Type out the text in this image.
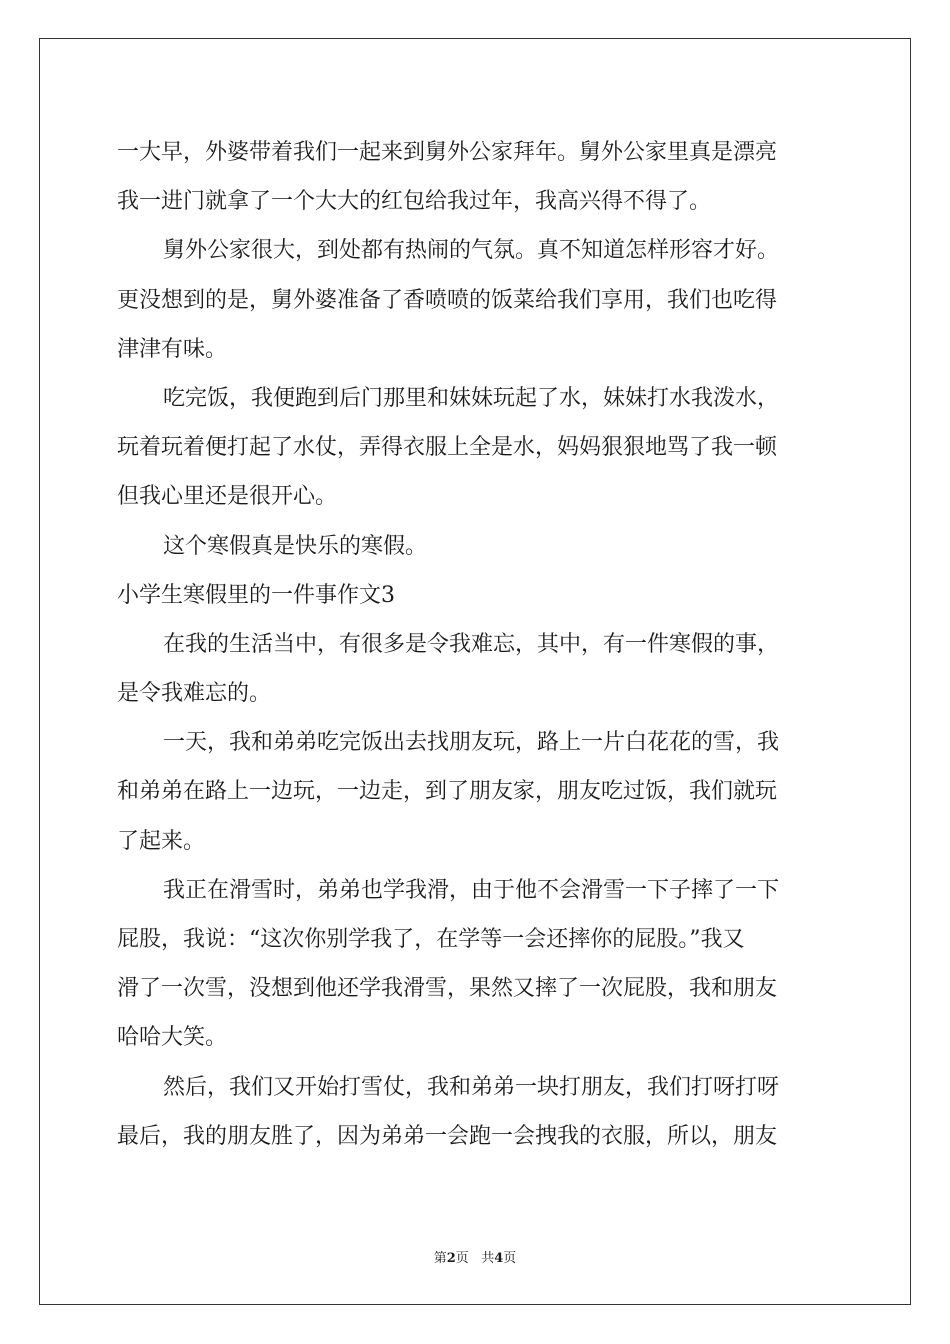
一大早，外婆带着我们一起来到舅外公家拜年。舅外公家里真是漂亮
我一进门就拿了一个大大的红包给我过年，我高兴得不得了。
舅外公家很大，到处都有热闹的气氛。真不知道怎样形容才好。
更没想到的是，舅外婆准备了香喷喷的饭菜给我们享用，我们也吃得
津津有味。
吃完饭，我便跑到后门那里和妹妹玩起了水，妹妹打水我泼水，
玩着玩着便打起了水仗，弄得衣服上全是水，妈妈狠狠地骂了我一顿
但我心里还是很开心。
这个寒假真是快乐的寒假。
小学生寒假里的一件事作文3
在我的生活当中，有很多是令我难忘，其中，有一件寒假的事，
是令我难忘的。
一天，我和弟弟吃完饭出去找朋友玩，路上一片白花花的雪，我
和弟弟在路上一边玩，一边走，到了朋友家，朋友吃过饭，我们就玩
了起来。
我正在滑雪时，弟弟也学我滑，由于他不会滑雪一下子摔了一下
屁股，我说：“这次你别学我了，在学等一会还摔你的屁股。”我又
滑了一次雪，没想到他还学我滑雪，果然又摔了一次屁股，我和朋友
哈哈大笑。
然后，我们又开始打雪仗，我和弟弟一块打朋友，我们打呀打呀
最后，我的朋友胜了，因为弟弟一会跑一会拽我的衣服，所以，朋友
第2页 共4页
